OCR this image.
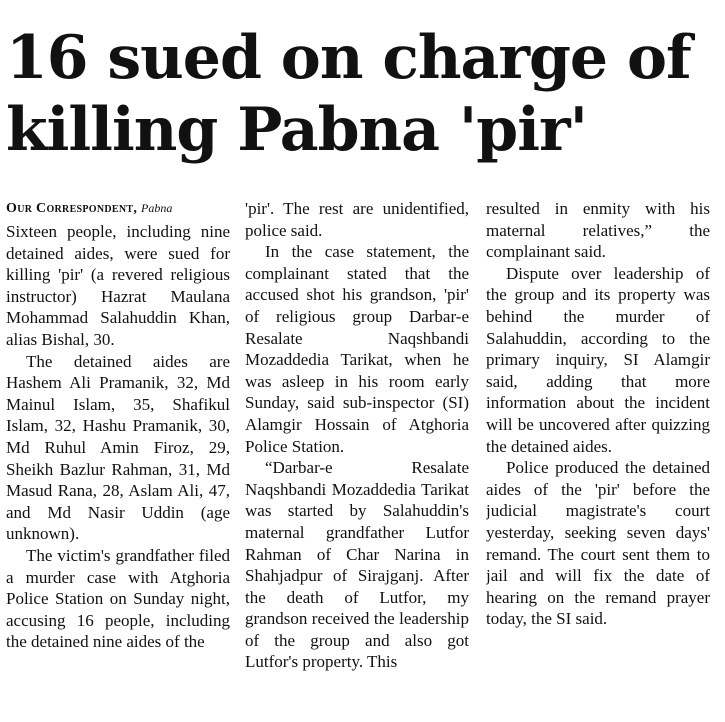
16 sued on charge of
killing Pabna 'pir'
Our Correspondent, Pabna

Sixteen people, including nine detained aides, were sued for killing 'pir' (a revered religious instructor) Hazrat Maulana Mohammad Salahuddin Khan, alias Bishal, 30.

The detained aides are Hashem Ali Pramanik, 32, Md Mainul Islam, 35, Shafikul Islam, 32, Hashu Pramanik, 30, Md Ruhul Amin Firoz, 29, Sheikh Bazlur Rahman, 31, Md Masud Rana, 28, Aslam Ali, 47, and Md Nasir Uddin (age unknown).

The victim's grandfather filed a murder case with Atghoria Police Station on Sunday night, accusing 16 people, including the detained nine aides of the

'pir'. The rest are unidentified, police said.

In the case statement, the complainant stated that the accused shot his grandson, 'pir' of religious group Darbar-e Resalate Naqshbandi Mozaddedia Tarikat, when he was asleep in his room early Sunday, said sub-inspector (SI) Alamgir Hossain of Atghoria Police Station.

“Darbar-e Resalate Naqshbandi Mozaddedia Tarikat was started by Salahuddin's maternal grandfather Lutfor Rahman of Char Narina in Shahjadpur of Sirajganj. After the death of Lutfor, my grandson received the leadership of the group and also got Lutfor's property. This

resulted in enmity with his maternal relatives,” the complainant said.

Dispute over leadership of the group and its property was behind the murder of Salahuddin, according to the primary inquiry, SI Alamgir said, adding that more information about the incident will be uncovered after quizzing the detained aides.

Police produced the detained aides of the 'pir' before the judicial magistrate's court yesterday, seeking seven days' remand. The court sent them to jail and will fix the date of hearing on the remand prayer today, the SI said.
